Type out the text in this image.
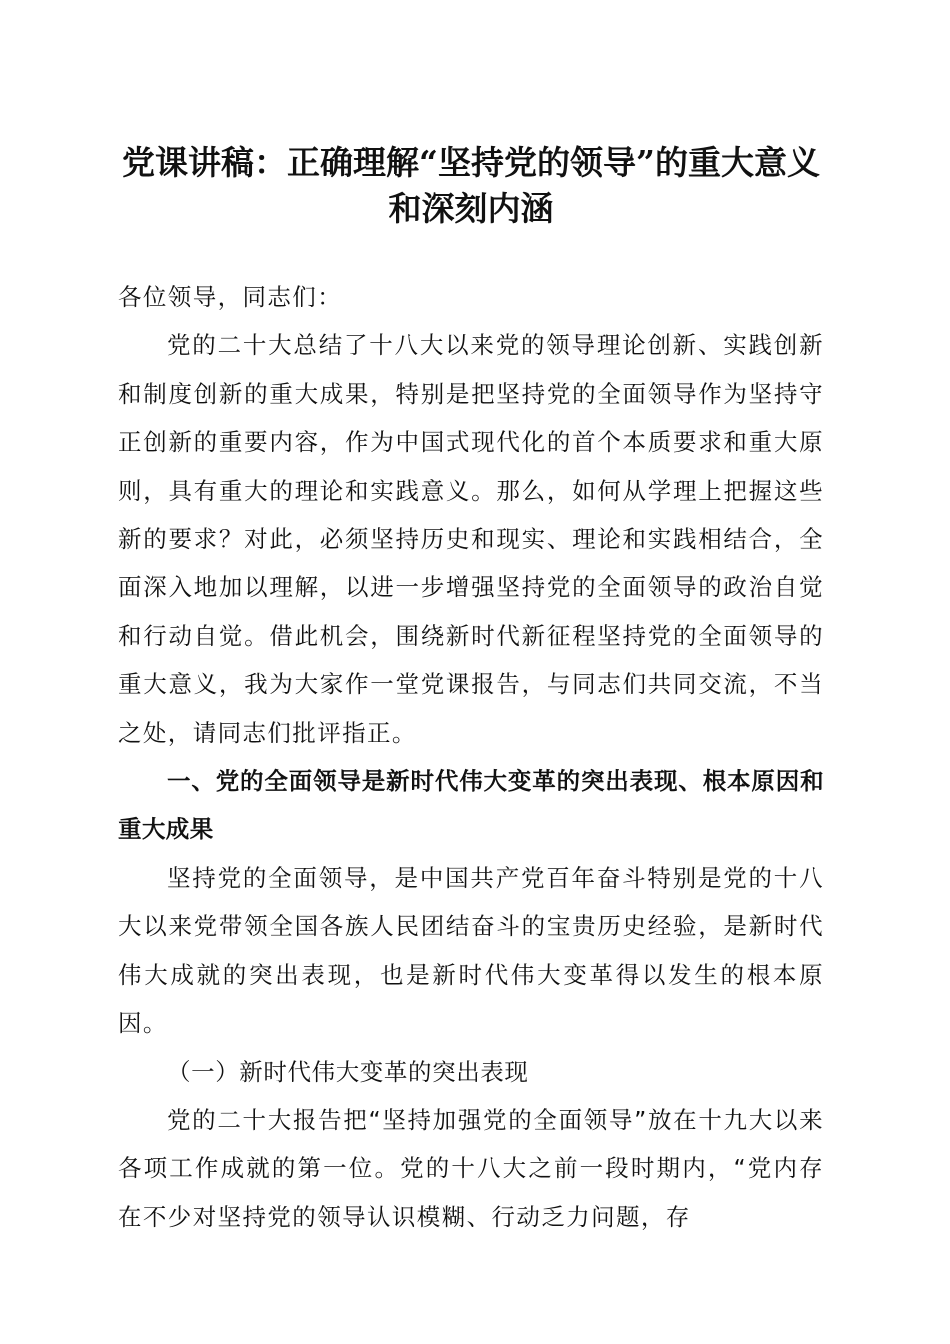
党课讲稿：正确理解“坚持党的领导”的重大意义和深刻内涵

各位领导，同志们：

党的二十大总结了十八大以来党的领导理论创新、实践创新和制度创新的重大成果，特别是把坚持党的全面领导作为坚持守正创新的重要内容，作为中国式现代化的首个本质要求和重大原则，具有重大的理论和实践意义。那么，如何从学理上把握这些新的要求？对此，必须坚持历史和现实、理论和实践相结合，全面深入地加以理解，以进一步增强坚持党的全面领导的政治自觉和行动自觉。借此机会，围绕新时代新征程坚持党的全面领导的重大意义，我为大家作一堂党课报告，与同志们共同交流，不当之处，请同志们批评指正。

一、党的全面领导是新时代伟大变革的突出表现、根本原因和重大成果

坚持党的全面领导，是中国共产党百年奋斗特别是党的十八大以来党带领全国各族人民团结奋斗的宝贵历史经验，是新时代伟大成就的突出表现，也是新时代伟大变革得以发生的根本原因。

（一）新时代伟大变革的突出表现

党的二十大报告把“坚持加强党的全面领导”放在十九大以来各项工作成就的第一位。党的十八大之前一段时期内，“党内存在不少对坚持党的领导认识模糊、行动乏力问题，存
